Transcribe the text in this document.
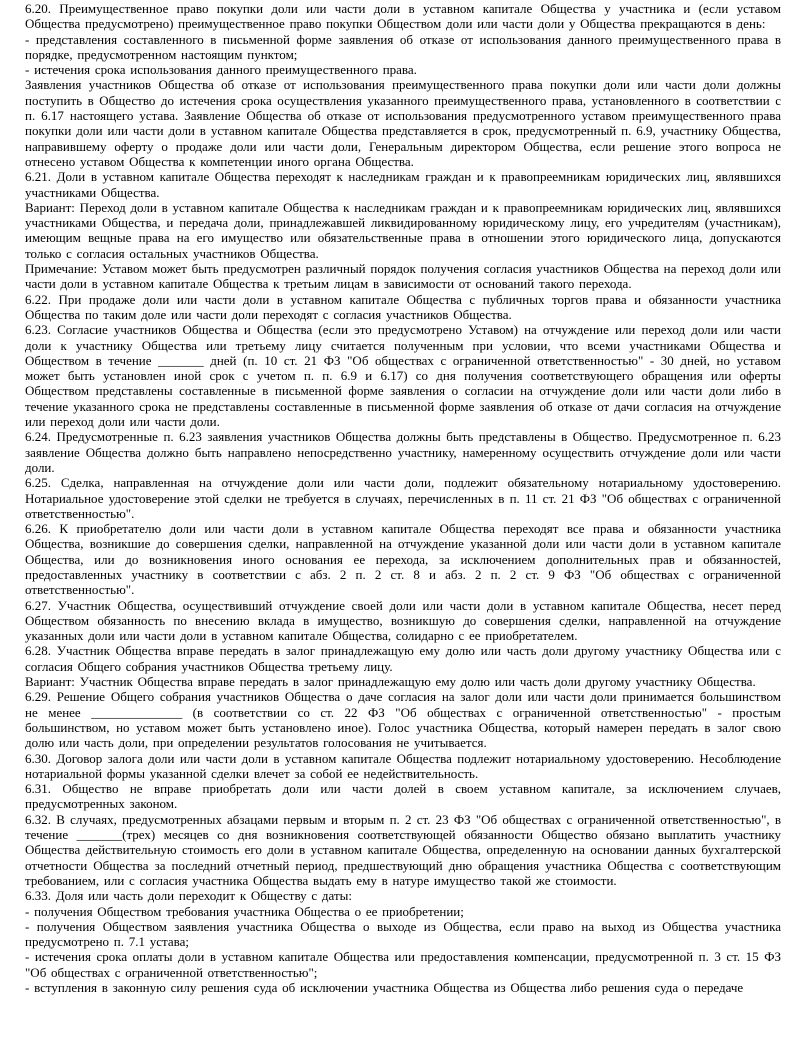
6.20. Преимущественное право покупки доли или части доли в уставном капитале Общества у участника и (если уставом Общества предусмотрено) преимущественное право покупки Обществом доли или части доли у Общества прекращаются в день:

- представления составленного в письменной форме заявления об отказе от использования данного преимущественного права в порядке, предусмотренном настоящим пунктом;

- истечения срока использования данного преимущественного права.

Заявления участников Общества об отказе от использования преимущественного права покупки доли или части доли должны поступить в Общество до истечения срока осуществления указанного преимущественного права, установленного в соответствии с п. 6.17 настоящего устава. Заявление Общества об отказе от использования предусмотренного уставом преимущественного права покупки доли или части доли в уставном капитале Общества представляется в срок, предусмотренный п. 6.9, участнику Общества, направившему оферту о продаже доли или части доли, Генеральным директором Общества, если решение этого вопроса не отнесено уставом Общества к компетенции иного органа Общества.

6.21. Доли в уставном капитале Общества переходят к наследникам граждан и к правопреемникам юридических лиц, являвшихся участниками Общества.

Вариант: Переход доли в уставном капитале Общества к наследникам граждан и к правопреемникам юридических лиц, являвшихся участниками Общества, и передача доли, принадлежавшей ликвидированному юридическому лицу, его учредителям (участникам), имеющим вещные права на его имущество или обязательственные права в отношении этого юридического лица, допускаются только с согласия остальных участников Общества.

Примечание: Уставом может быть предусмотрен различный порядок получения согласия участников Общества на переход доли или части доли в уставном капитале Общества к третьим лицам в зависимости от оснований такого перехода.

6.22. При продаже доли или части доли в уставном капитале Общества с публичных торгов права и обязанности участника Общества по таким доле или части доли переходят с согласия участников Общества.

6.23. Согласие участников Общества и Общества (если это предусмотрено Уставом) на отчуждение или переход доли или части доли к участнику Общества или третьему лицу считается полученным при условии, что всеми участниками Общества и Обществом в течение _______ дней (п. 10 ст. 21 ФЗ "Об обществах с ограниченной ответственностью" - 30 дней, но уставом может быть установлен иной срок с учетом п. п. 6.9 и 6.17) со дня получения соответствующего обращения или оферты Обществом представлены составленные в письменной форме заявления о согласии на отчуждение доли или части доли либо в течение указанного срока не представлены составленные в письменной форме заявления об отказе от дачи согласия на отчуждение или переход доли или части доли.

6.24. Предусмотренные п. 6.23 заявления участников Общества должны быть представлены в Общество. Предусмотренное п. 6.23 заявление Общества должно быть направлено непосредственно участнику, намеренному осуществить отчуждение доли или части доли.

6.25. Сделка, направленная на отчуждение доли или части доли, подлежит обязательному нотариальному удостоверению. Нотариальное удостоверение этой сделки не требуется в случаях, перечисленных в п. 11 ст. 21 ФЗ "Об обществах с ограниченной ответственностью".

6.26. К приобретателю доли или части доли в уставном капитале Общества переходят все права и обязанности участника Общества, возникшие до совершения сделки, направленной на отчуждение указанной доли или части доли в уставном капитале Общества, или до возникновения иного основания ее перехода, за исключением дополнительных прав и обязанностей, предоставленных участнику в соответствии с абз. 2 п. 2 ст. 8 и абз. 2 п. 2 ст. 9 ФЗ "Об обществах с ограниченной ответственностью".

6.27. Участник Общества, осуществивший отчуждение своей доли или части доли в уставном капитале Общества, несет перед Обществом обязанность по внесению вклада в имущество, возникшую до совершения сделки, направленной на отчуждение указанных доли или части доли в уставном капитале Общества, солидарно с ее приобретателем.

6.28. Участник Общества вправе передать в залог принадлежащую ему долю или часть доли другому участнику Общества или с согласия Общего собрания участников Общества третьему лицу.

Вариант: Участник Общества вправе передать в залог принадлежащую ему долю или часть доли другому участнику Общества.

6.29. Решение Общего собрания участников Общества о даче согласия на залог доли или части доли принимается большинством не менее ______________ (в соответствии со ст. 22 ФЗ "Об обществах с ограниченной ответственностью" - простым большинством, но уставом может быть установлено иное). Голос участника Общества, который намерен передать в залог свою долю или часть доли, при определении результатов голосования не учитывается.

6.30. Договор залога доли или части доли в уставном капитале Общества подлежит нотариальному удостоверению. Несоблюдение нотариальной формы указанной сделки влечет за собой ее недействительность.

6.31. Общество не вправе приобретать доли или части долей в своем уставном капитале, за исключением случаев, предусмотренных законом.

6.32. В случаях, предусмотренных абзацами первым и вторым п. 2 ст. 23 ФЗ "Об обществах с ограниченной ответственностью", в течение _______(трех) месяцев со дня возникновения соответствующей обязанности Общество обязано выплатить участнику Общества действительную стоимость его доли в уставном капитале Общества, определенную на основании данных бухгалтерской отчетности Общества за последний отчетный период, предшествующий дню обращения участника Общества с соответствующим требованием, или с согласия участника Общества выдать ему в натуре имущество такой же стоимости.

6.33. Доля или часть доли переходит к Обществу с даты:

- получения Обществом требования участника Общества о ее приобретении;

- получения Обществом заявления участника Общества о выходе из Общества, если право на выход из Общества участника предусмотрено п. 7.1 устава;

- истечения срока оплаты доли в уставном капитале Общества или предоставления компенсации, предусмотренной п. 3 ст. 15 ФЗ "Об обществах с ограниченной ответственностью";

- вступления в законную силу решения суда об исключении участника Общества из Общества либо решения суда о передаче
